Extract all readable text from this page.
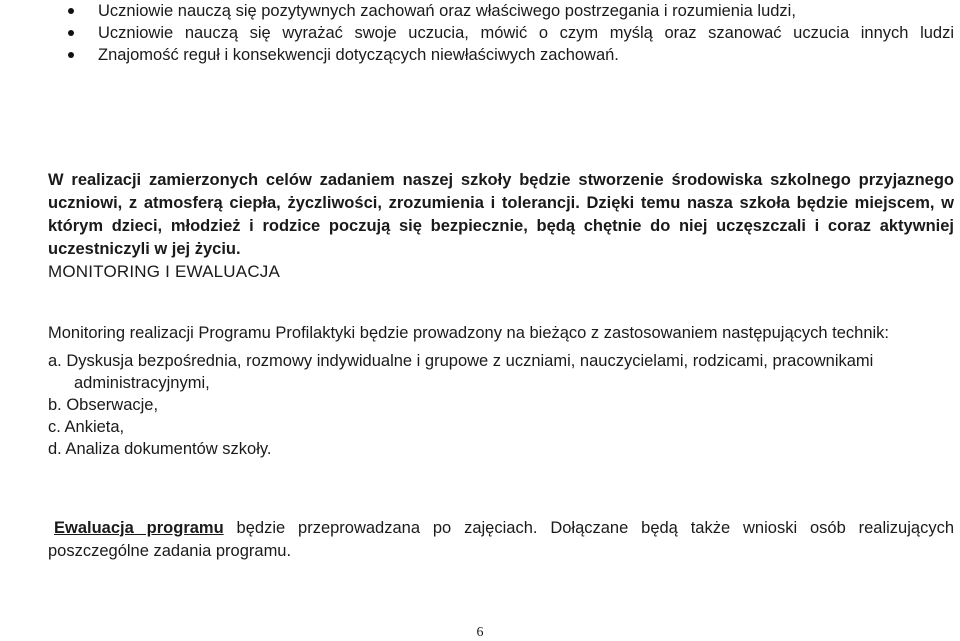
Uczniowie nauczą się pozytywnych zachowań oraz właściwego postrzegania i rozumienia ludzi,
Uczniowie nauczą się wyrażać swoje uczucia, mówić o czym myślą oraz szanować uczucia innych ludzi
Znajomość reguł i konsekwencji dotyczących niewłaściwych zachowań.

W realizacji zamierzonych celów zadaniem naszej szkoły będzie stworzenie środowiska szkolnego przyjaznego uczniowi, z atmosferą ciepła, życzliwości, zrozumienia i tolerancji. Dzięki temu nasza szkoła będzie miejscem, w którym dzieci, młodzież i rodzice poczują się bezpiecznie, będą chętnie do niej uczęszczali i coraz aktywniej uczestniczyli w jej życiu.

MONITORING I EWALUACJA

Monitoring realizacji Programu Profilaktyki będzie prowadzony na bieżąco z zastosowaniem następujących technik:

a. Dyskusja bezpośrednia, rozmowy indywidualne i grupowe z uczniami, nauczycielami, rodzicami, pracownikami administracyjnymi,
b. Obserwacje,
c. Ankieta,
d. Analiza dokumentów szkoły.

Ewaluacja programu będzie przeprowadzana po zajęciach. Dołączane będą także wnioski osób realizujących poszczególne zadania programu.

6
